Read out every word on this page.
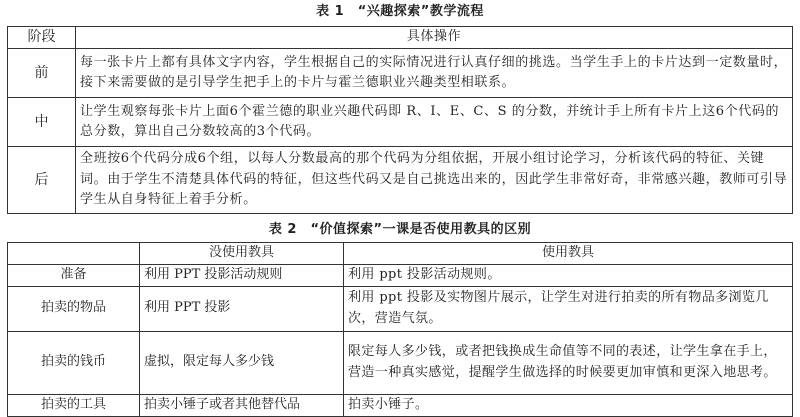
表 1　“兴趣探索”教学流程
阶段	具体操作
前	每一张卡片上都有具体文字内容，学生根据自己的实际情况进行认真仔细的挑选。当学生手上的卡片达到一定数量时，接下来需要做的是引导学生把手上的卡片与霍兰德职业兴趣类型相联系。
中	让学生观察每张卡片上面6个霍兰德的职业兴趣代码即 R、I、E、C、S 的分数，并统计手上所有卡片上这6个代码的总分数，算出自己分数较高的3个代码。
后	全班按6个代码分成6个组，以每人分数最高的那个代码为分组依据，开展小组讨论学习，分析该代码的特征、关键词。由于学生不清楚具体代码的特征，但这些代码又是自己挑选出来的，因此学生非常好奇，非常感兴趣，教师可引导学生从自身特征上着手分析。
表 2　“价值探索”一课是否使用教具的区别
	没使用教具	使用教具
准备	利用 PPT 投影活动规则	利用 ppt 投影活动规则。
拍卖的物品	利用 PPT 投影	利用 ppt 投影及实物图片展示，让学生对进行拍卖的所有物品多浏览几次，营造气氛。
拍卖的钱币	虚拟，限定每人多少钱	限定每人多少钱，或者把钱换成生命值等不同的表述，让学生拿在手上，营造一种真实感觉，提醒学生做选择的时候要更加审慎和更深入地思考。
拍卖的工具	拍卖小锤子或者其他替代品	拍卖小锤子。
